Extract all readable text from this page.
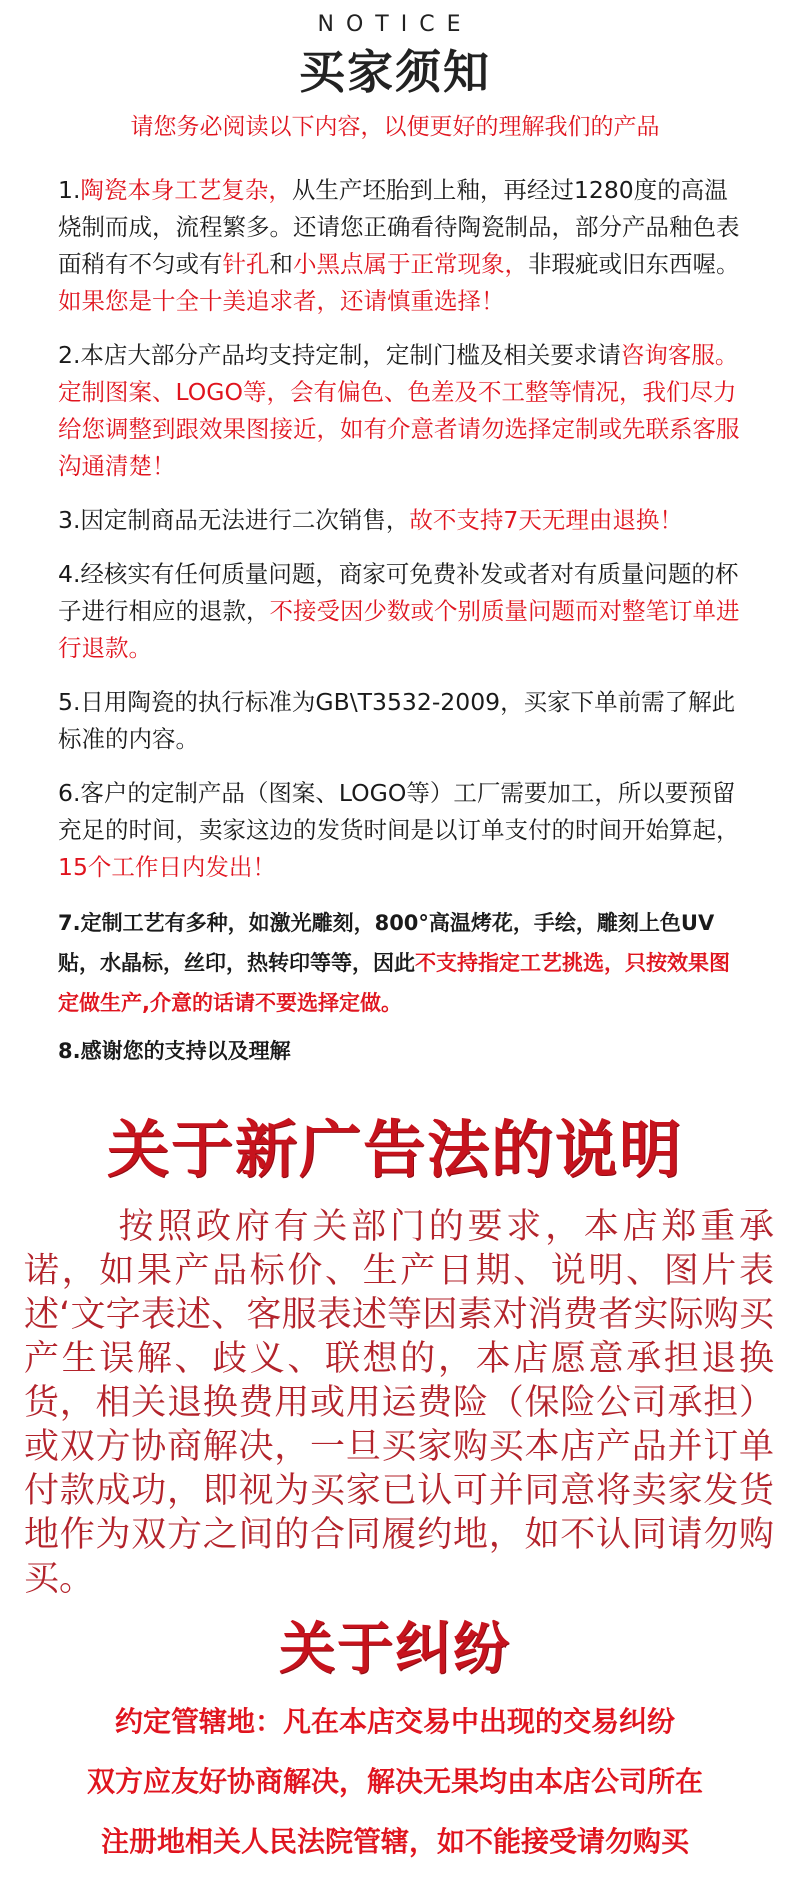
NOTICE
买家须知
请您务必阅读以下内容，以便更好的理解我们的产品

1.陶瓷本身工艺复杂，从生产坯胎到上釉，再经过1280度的高温烧制而成，流程繁多。还请您正确看待陶瓷制品，部分产品釉色表面稍有不匀或有针孔和小黑点属于正常现象，非瑕疵或旧东西喔。如果您是十全十美追求者，还请慎重选择！

2.本店大部分产品均支持定制，定制门槛及相关要求请咨询客服。定制图案、LOGO等，会有偏色、色差及不工整等情况，我们尽力给您调整到跟效果图接近，如有介意者请勿选择定制或先联系客服沟通清楚！

3.因定制商品无法进行二次销售，故不支持7天无理由退换！

4.经核实有任何质量问题，商家可免费补发或者对有质量问题的杯子进行相应的退款，不接受因少数或个别质量问题而对整笔订单进行退款。

5.日用陶瓷的执行标准为GB\T3532-2009，买家下单前需了解此标准的内容。

6.客户的定制产品（图案、LOGO等）工厂需要加工，所以要预留充足的时间，卖家这边的发货时间是以订单支付的时间开始算起，15个工作日内发出！

7.定制工艺有多种，如激光雕刻，800°高温烤花，手绘，雕刻上色UV贴，水晶标，丝印，热转印等等，因此不支持指定工艺挑选，只按效果图定做生产,介意的话请不要选择定做。

8.感谢您的支持以及理解

关于新广告法的说明

按照政府有关部门的要求，本店郑重承诺，如果产品标价、生产日期、说明、图片表述‘文字表述、客服表述等因素对消费者实际购买产生误解、歧义、联想的，本店愿意承担退换货，相关退换费用或用运费险（保险公司承担）或双方协商解决，一旦买家购买本店产品并订单付款成功，即视为买家已认可并同意将卖家发货地作为双方之间的合同履约地，如不认同请勿购买。

关于纠纷
约定管辖地：凡在本店交易中出现的交易纠纷
双方应友好协商解决，解决无果均由本店公司所在
注册地相关人民法院管辖，如不能接受请勿购买
